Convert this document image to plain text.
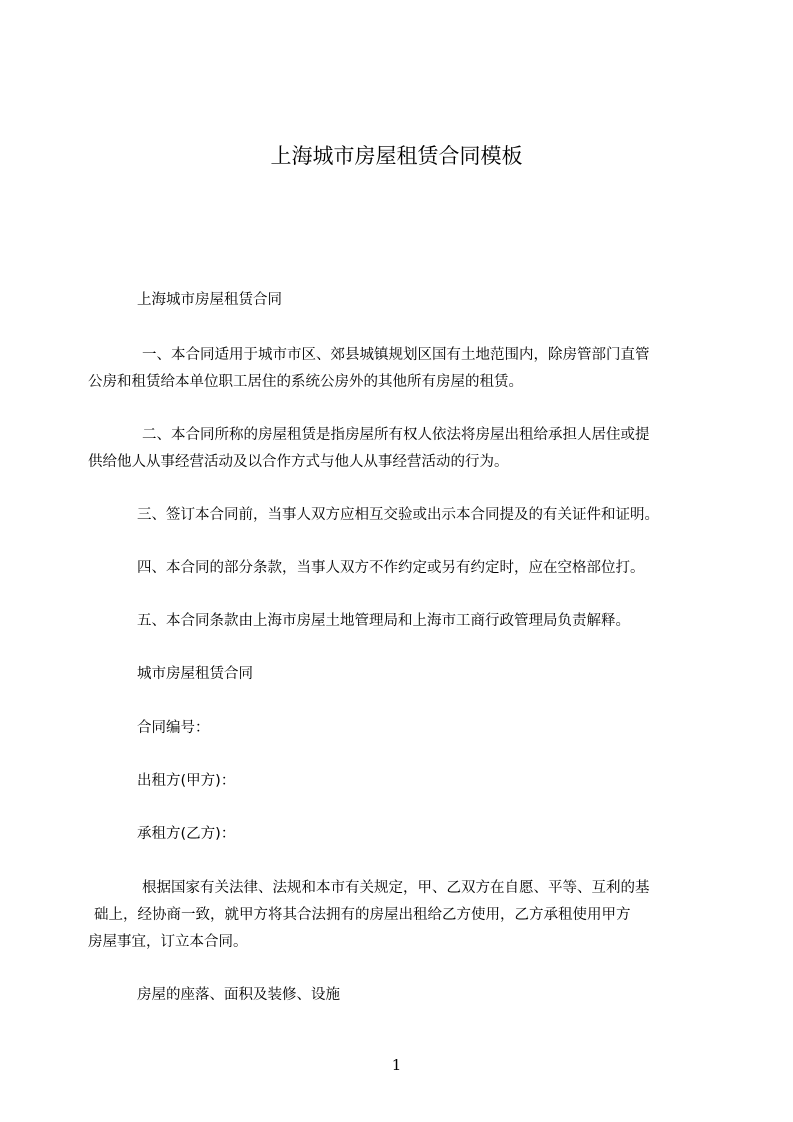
上海城市房屋租赁合同模板
上海城市房屋租赁合同
一、本合同适用于城市市区、郊县城镇规划区国有土地范围内，除房管部门直管
公房和租赁给本单位职工居住的系统公房外的其他所有房屋的租赁。
二、本合同所称的房屋租赁是指房屋所有权人依法将房屋出租给承担人居住或提
供给他人从事经营活动及以合作方式与他人从事经营活动的行为。
三、签订本合同前，当事人双方应相互交验或出示本合同提及的有关证件和证明。
四、本合同的部分条款，当事人双方不作约定或另有约定时，应在空格部位打。
五、本合同条款由上海市房屋土地管理局和上海市工商行政管理局负责解释。
城市房屋租赁合同
合同编号：
出租方(甲方)：
承租方(乙方)：
根据国家有关法律、法规和本市有关规定，甲、乙双方在自愿、平等、互利的基
础上，经协商一致，就甲方将其合法拥有的房屋出租给乙方使用，乙方承租使用甲方
房屋事宜，订立本合同。
房屋的座落、面积及装修、设施
1
